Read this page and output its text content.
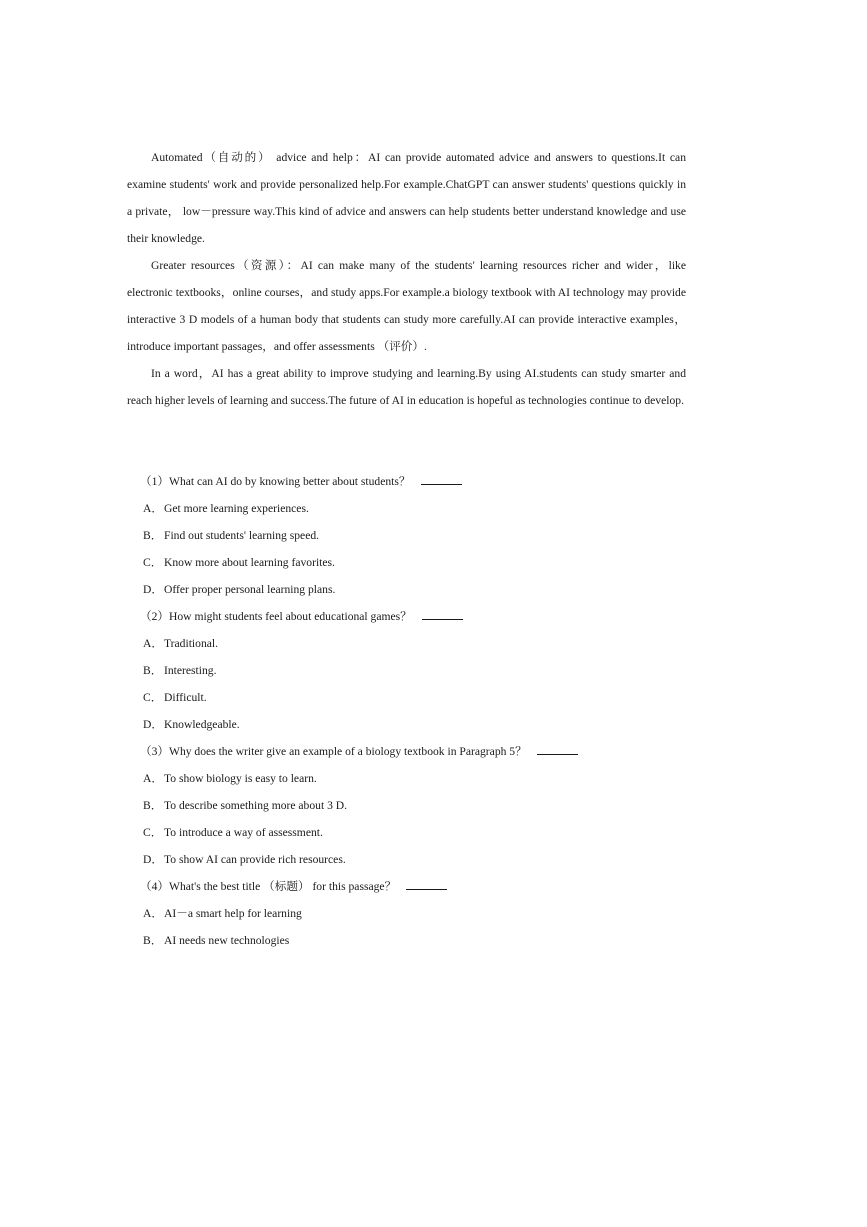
Automated（自动的） advice and help：AI can provide automated advice and answers to questions.It can examine students' work and provide personalized help.For example.ChatGPT can answer students' questions quickly in a private， low－pressure way.This kind of advice and answers can help students better understand knowledge and use their knowledge.

Greater resources（资源）：AI can make many of the students' learning resources richer and wider，like electronic textbooks，online courses，and study apps.For example.a biology textbook with AI technology may provide interactive 3 D models of a human body that students can study more carefully.AI can provide interactive examples，introduce important passages，and offer assessments （评价）.

In a word，AI has a great ability to improve studying and learning.By using AI.students can study smarter and reach higher levels of learning and success.The future of AI in education is hopeful as technologies continue to develop.

（1）What can AI do by knowing better about students？

A．Get more learning experiences.

B． Find out students' learning speed.

C． Know more about learning favorites.

D．Offer proper personal learning plans.

（2）How might students feel about educational games？

A．Traditional.

B． Interesting.

C． Difficult.

D．Knowledgeable.

（3）Why does the writer give an example of a biology textbook in Paragraph 5？

A．To show biology is easy to learn.

B． To describe something more about 3 D.

C． To introduce a way of assessment.

D．To show AI can provide rich resources.

（4）What's the best title （标题） for this passage？

A．AI－a smart help for learning

B． AI needs new technologies
